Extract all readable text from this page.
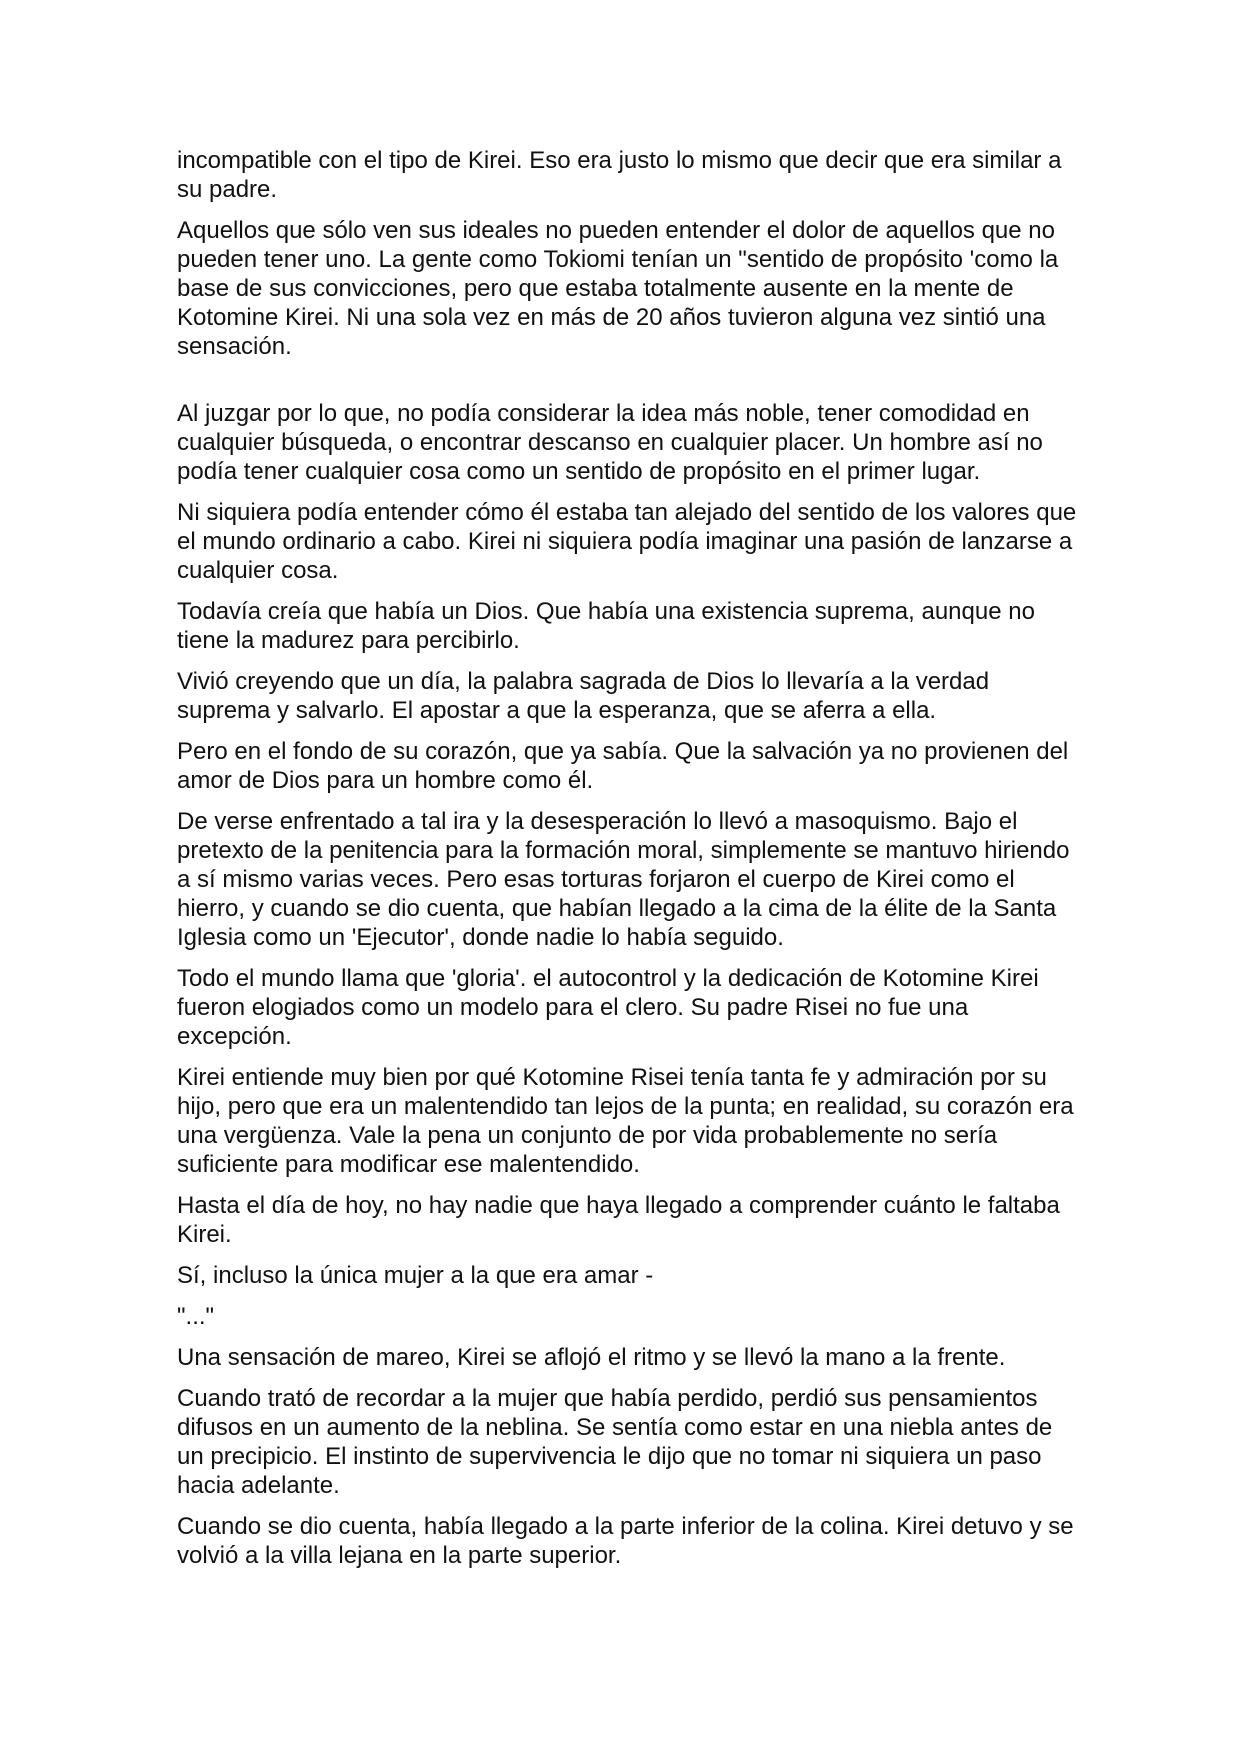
incompatible con el tipo de Kirei. Eso era justo lo mismo que decir que era similar a su padre.

Aquellos que sólo ven sus ideales no pueden entender el dolor de aquellos que no pueden tener uno. La gente como Tokiomi tenían un "sentido de propósito 'como la base de sus convicciones, pero que estaba totalmente ausente en la mente de Kotomine Kirei. Ni una sola vez en más de 20 años tuvieron alguna vez sintió una sensación.

Al juzgar por lo que, no podía considerar la idea más noble, tener comodidad en cualquier búsqueda, o encontrar descanso en cualquier placer. Un hombre así no podía tener cualquier cosa como un sentido de propósito en el primer lugar.

Ni siquiera podía entender cómo él estaba tan alejado del sentido de los valores que el mundo ordinario a cabo. Kirei ni siquiera podía imaginar una pasión de lanzarse a cualquier cosa.

Todavía creía que había un Dios. Que había una existencia suprema, aunque no tiene la madurez para percibirlo.

Vivió creyendo que un día, la palabra sagrada de Dios lo llevaría a la verdad suprema y salvarlo. El apostar a que la esperanza, que se aferra a ella.

Pero en el fondo de su corazón, que ya sabía. Que la salvación ya no provienen del amor de Dios para un hombre como él.

De verse enfrentado a tal ira y la desesperación lo llevó a masoquismo. Bajo el pretexto de la penitencia para la formación moral, simplemente se mantuvo hiriendo a sí mismo varias veces. Pero esas torturas forjaron el cuerpo de Kirei como el hierro, y cuando se dio cuenta, que habían llegado a la cima de la élite de la Santa Iglesia como un 'Ejecutor', donde nadie lo había seguido.

Todo el mundo llama que 'gloria'. el autocontrol y la dedicación de Kotomine Kirei fueron elogiados como un modelo para el clero. Su padre Risei no fue una excepción.

Kirei entiende muy bien por qué Kotomine Risei tenía tanta fe y admiración por su hijo, pero que era un malentendido tan lejos de la punta; en realidad, su corazón era una vergüenza. Vale la pena un conjunto de por vida probablemente no sería suficiente para modificar ese malentendido.

Hasta el día de hoy, no hay nadie que haya llegado a comprender cuánto le faltaba Kirei.

Sí, incluso la única mujer a la que era amar -

"..."

Una sensación de mareo, Kirei se aflojó el ritmo y se llevó la mano a la frente.

Cuando trató de recordar a la mujer que había perdido, perdió sus pensamientos difusos en un aumento de la neblina. Se sentía como estar en una niebla antes de un precipicio. El instinto de supervivencia le dijo que no tomar ni siquiera un paso hacia adelante.

Cuando se dio cuenta, había llegado a la parte inferior de la colina. Kirei detuvo y se volvió a la villa lejana en la parte superior.
